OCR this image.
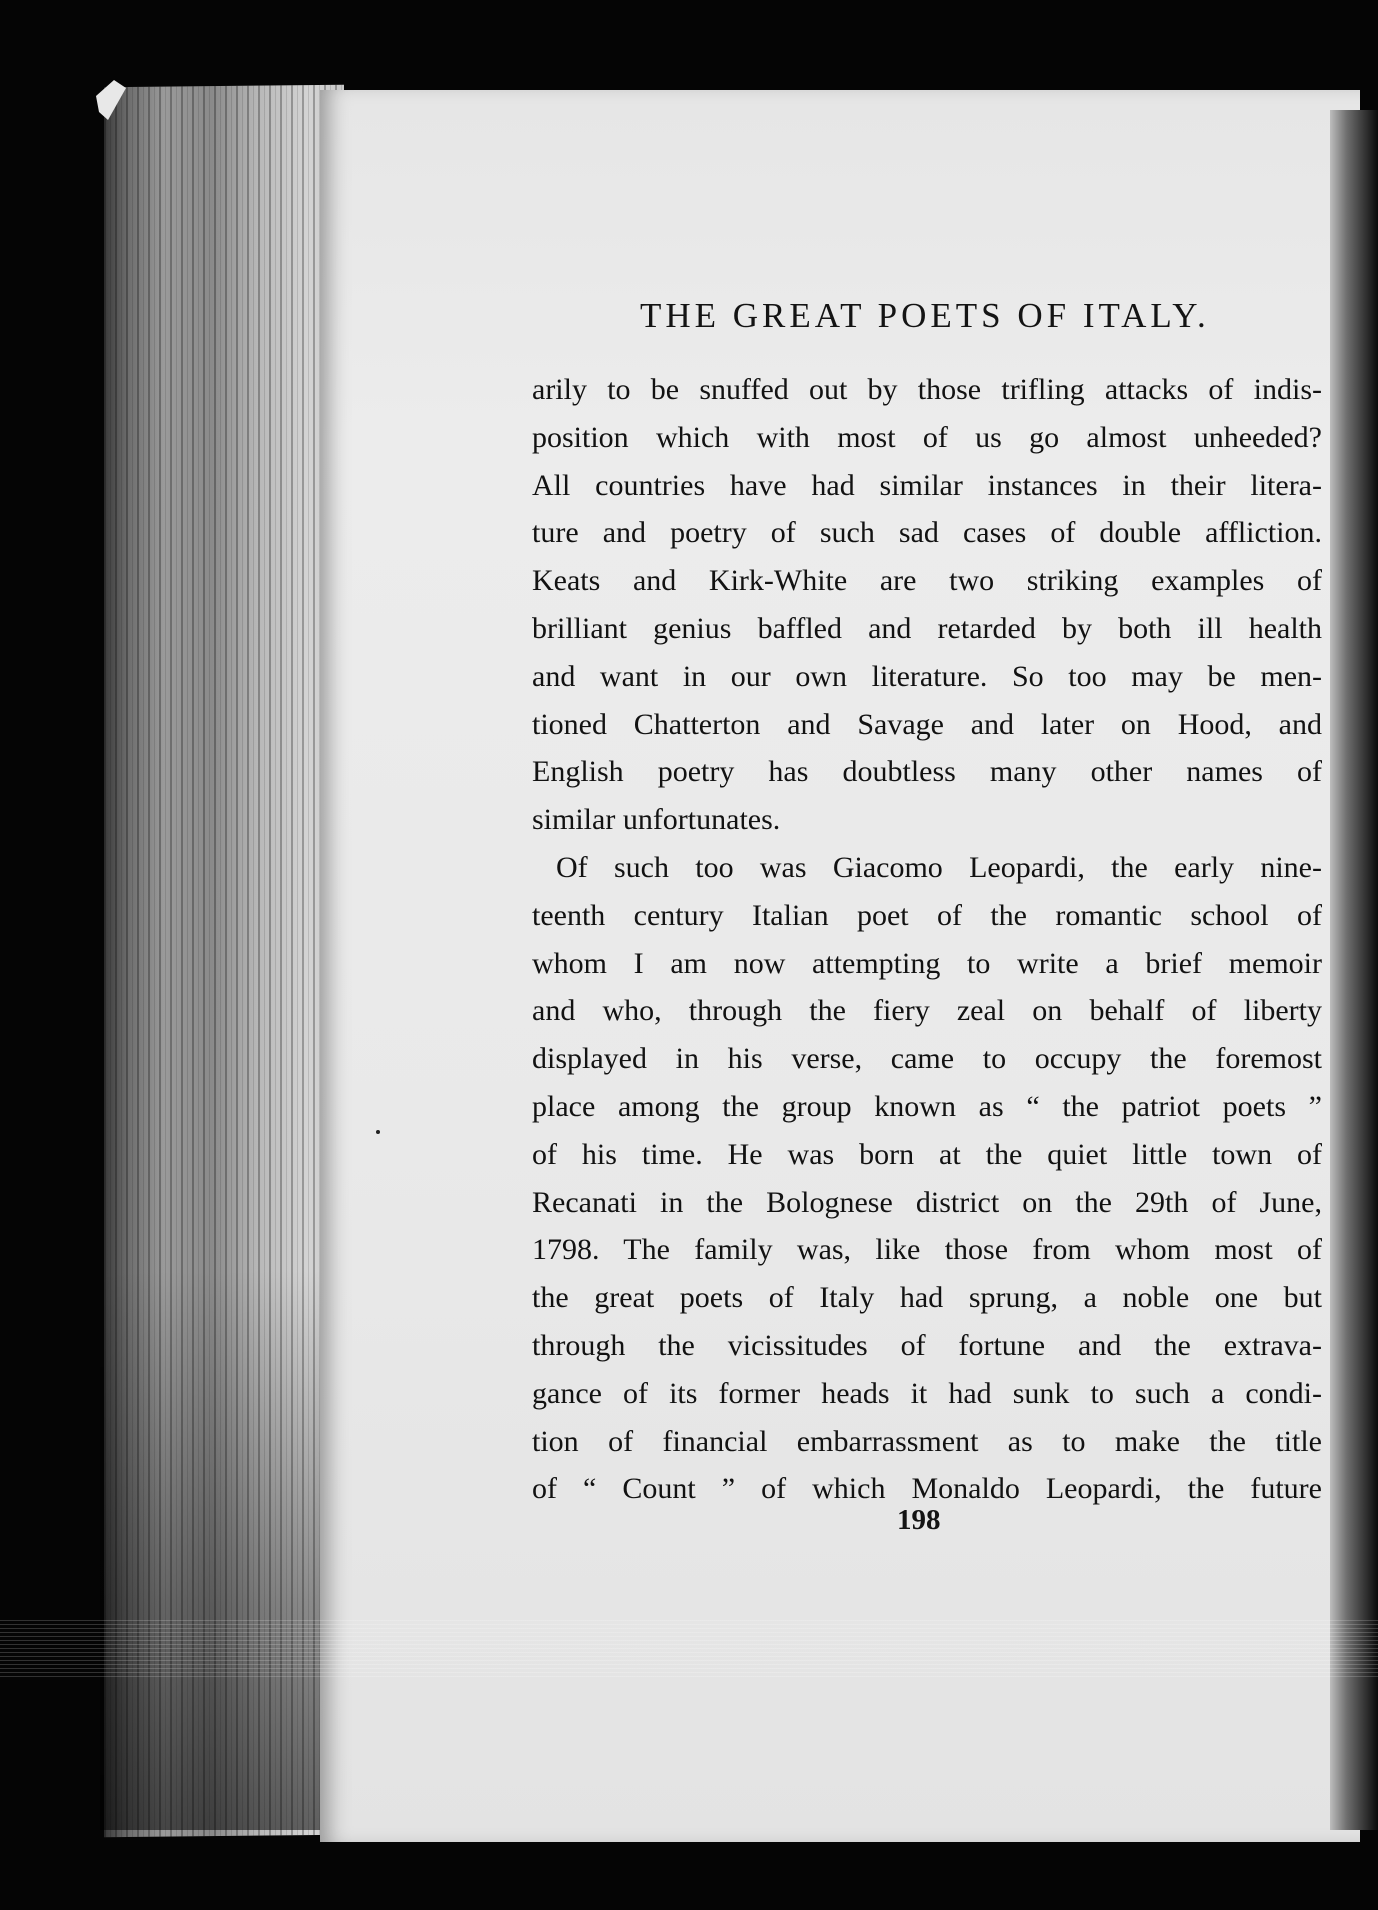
THE GREAT POETS OF ITALY.
arily to be snuffed out by those trifling attacks of indis-
position which with most of us go almost unheeded?
All countries have had similar instances in their litera-
ture and poetry of such sad cases of double affliction.
Keats and Kirk-White are two striking examples of
brilliant genius baffled and retarded by both ill health
and want in our own literature. So too may be men-
tioned Chatterton and Savage and later on Hood, and
English poetry has doubtless many other names of
similar unfortunates.
Of such too was Giacomo Leopardi, the early nine-
teenth century Italian poet of the romantic school of
whom I am now attempting to write a brief memoir
and who, through the fiery zeal on behalf of liberty
displayed in his verse, came to occupy the foremost
place among the group known as “ the patriot poets ”
of his time. He was born at the quiet little town of
Recanati in the Bolognese district on the 29th of June,
1798. The family was, like those from whom most of
the great poets of Italy had sprung, a noble one but
through the vicissitudes of fortune and the extrava-
gance of its former heads it had sunk to such a condi-
tion of financial embarrassment as to make the title
of “ Count ” of which Monaldo Leopardi, the future
198
